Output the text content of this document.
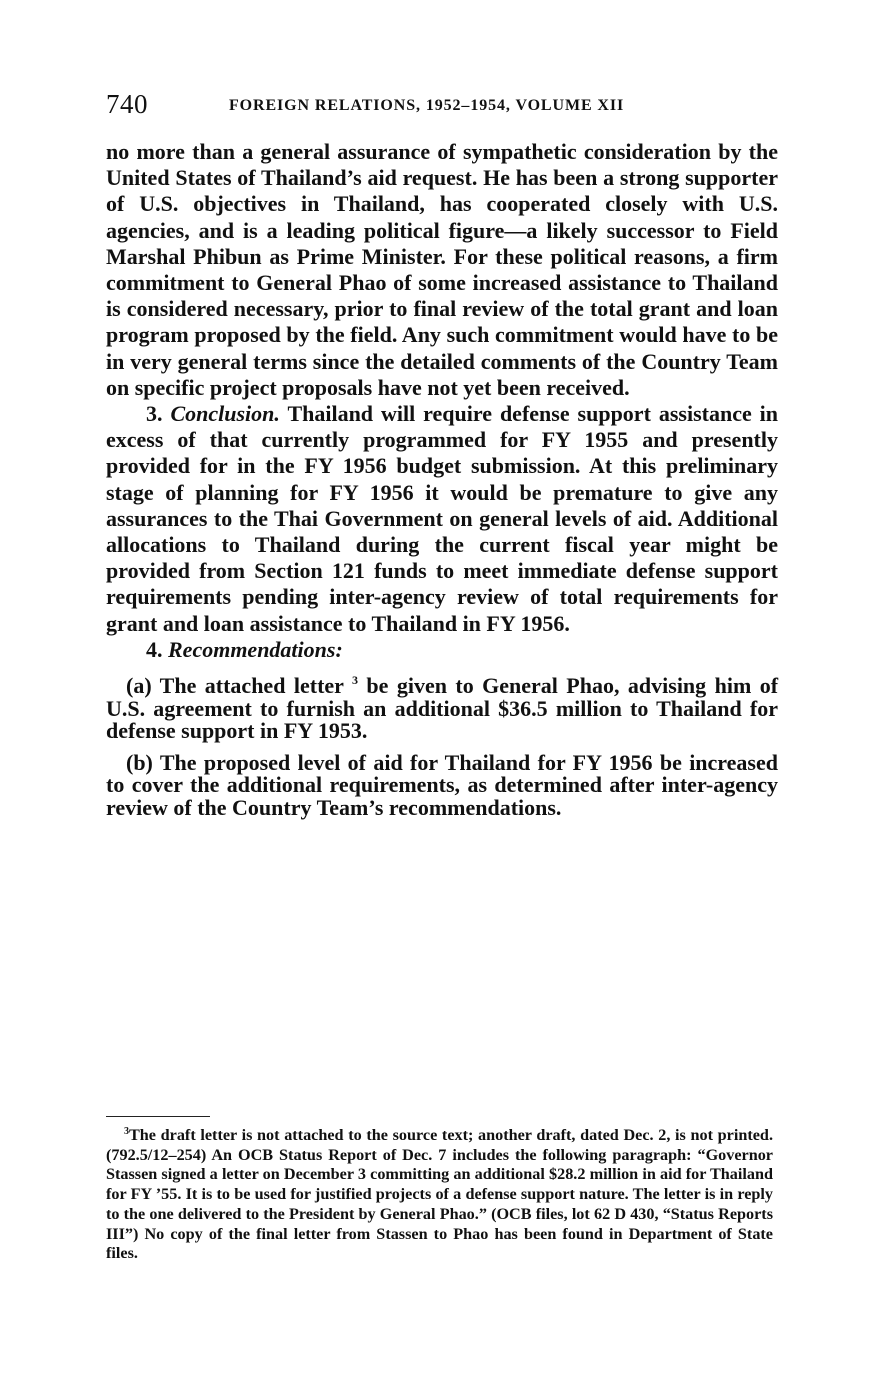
740	FOREIGN RELATIONS, 1952–1954, VOLUME XII

no more than a general assurance of sympathetic consideration by the United States of Thailand’s aid request. He has been a strong supporter of U.S. objectives in Thailand, has cooperated closely with U.S. agencies, and is a leading political figure—a likely successor to Field Marshal Phibun as Prime Minister. For these political reasons, a firm commitment to General Phao of some increased assistance to Thailand is considered necessary, prior to final review of the total grant and loan program proposed by the field. Any such commitment would have to be in very general terms since the detailed comments of the Country Team on specific project proposals have not yet been received.

3. Conclusion. Thailand will require defense support assistance in excess of that currently programmed for FY 1955 and presently provided for in the FY 1956 budget submission. At this preliminary stage of planning for FY 1956 it would be premature to give any assurances to the Thai Government on general levels of aid. Additional allocations to Thailand during the current fiscal year might be provided from Section 121 funds to meet immediate defense support requirements pending inter-agency review of total requirements for grant and loan assistance to Thailand in FY 1956.

4. Recommendations:

(a) The attached letter $^3$ be given to General Phao, advising him of U.S. agreement to furnish an additional $36.5 million to Thailand for defense support in FY 1953.

(b) The proposed level of aid for Thailand for FY 1956 be increased to cover the additional requirements, as determined after inter-agency review of the Country Team’s recommendations.

$^3$The draft letter is not attached to the source text; another draft, dated Dec. 2, is not printed. (792.5/12–254) An OCB Status Report of Dec. 7 includes the following paragraph: “Governor Stassen signed a letter on December 3 committing an additional $28.2 million in aid for Thailand for FY ’55. It is to be used for justified projects of a defense support nature. The letter is in reply to the one delivered to the President by General Phao.” (OCB files, lot 62 D 430, “Status Reports III”) No copy of the final letter from Stassen to Phao has been found in Department of State files.
